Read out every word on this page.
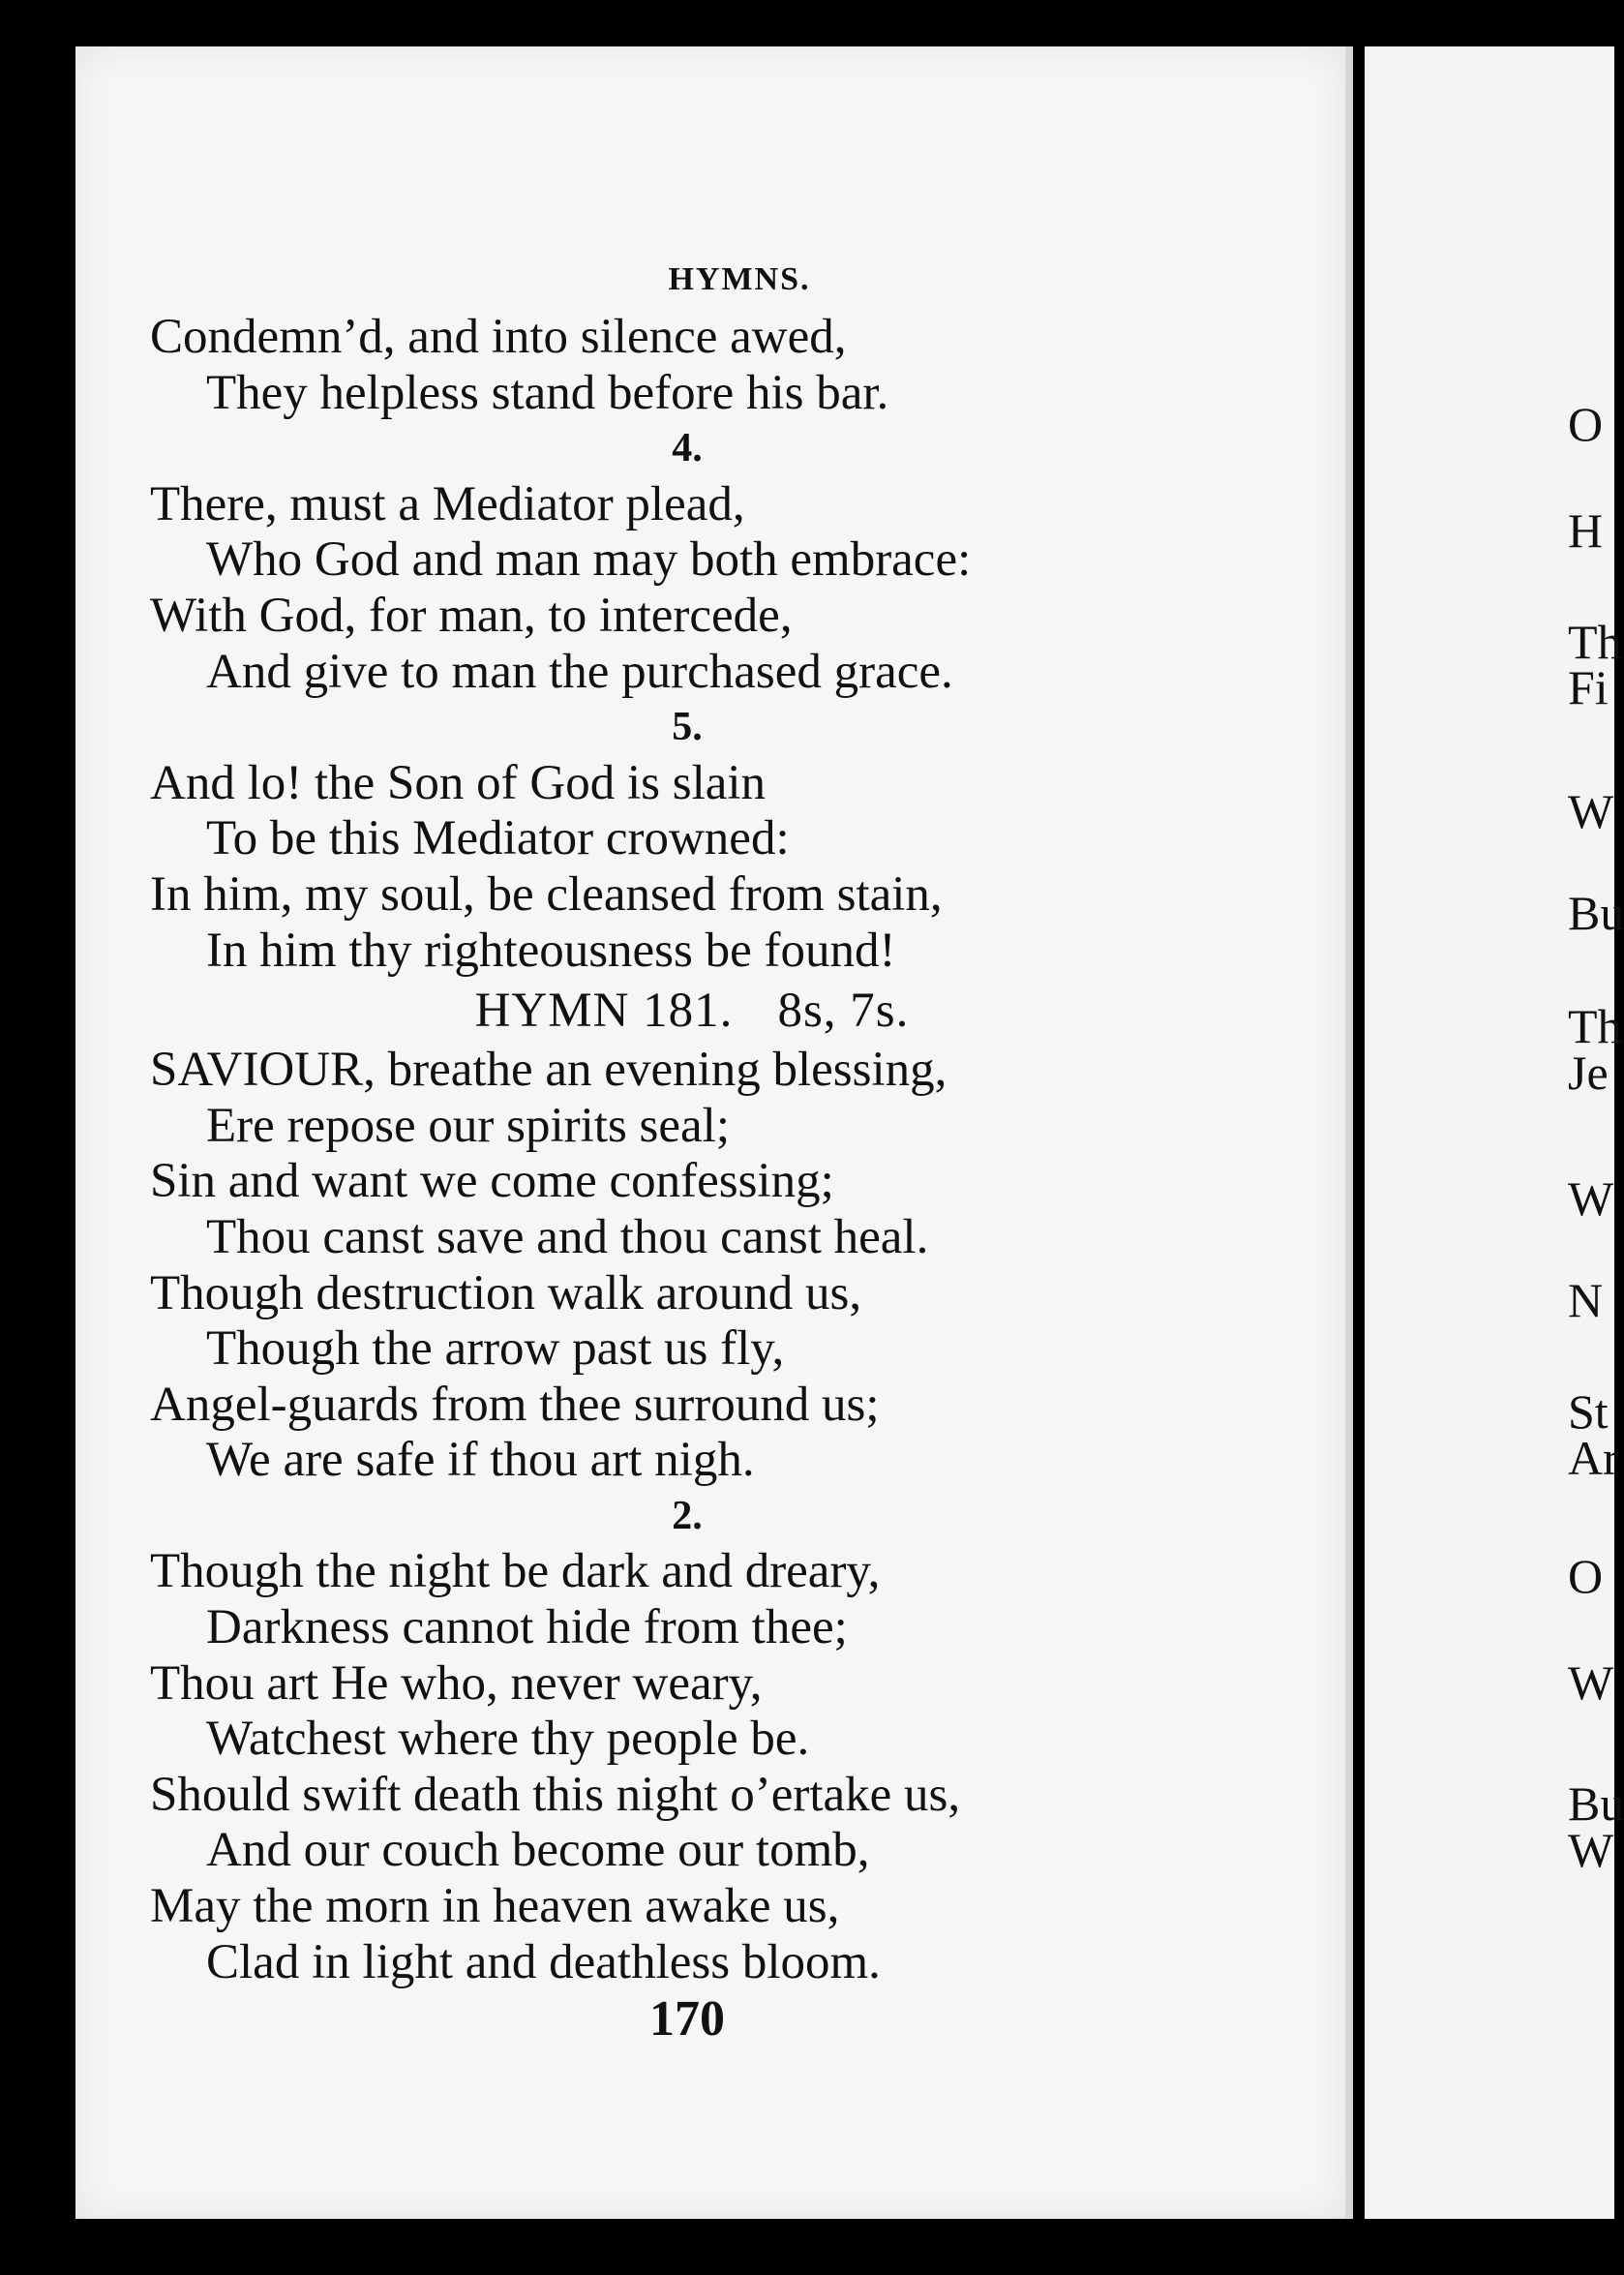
HYMNS.
Condemn’d, and into silence awed,
They helpless stand before his bar.
4.
There, must a Mediator plead,
Who God and man may both embrace:
With God, for man, to intercede,
And give to man the purchased grace.
5.
And lo! the Son of God is slain
To be this Mediator crowned:
In him, my soul, be cleansed from stain,
In him thy righteousness be found!
HYMN 181. 8s, 7s.
SAVIOUR, breathe an evening blessing,
Ere repose our spirits seal;
Sin and want we come confessing;
Thou canst save and thou canst heal.
Though destruction walk around us,
Though the arrow past us fly,
Angel-guards from thee surround us;
We are safe if thou art nigh.
2.
Though the night be dark and dreary,
Darkness cannot hide from thee;
Thou art He who, never weary,
Watchest where thy people be.
Should swift death this night o’ertake us,
And our couch become our tomb,
May the morn in heaven awake us,
Clad in light and deathless bloom.
170
O
H
Th
Fi
W
Bu
Th
Je
W
N
St
Ar
O
W
Bu
W
